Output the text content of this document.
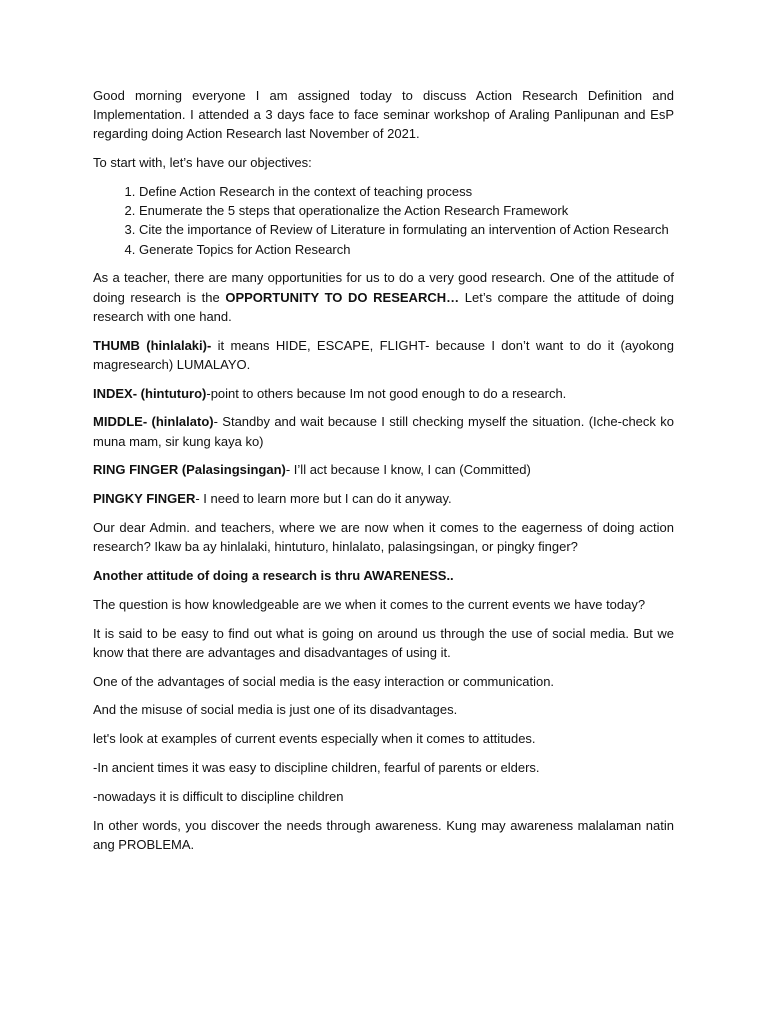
Good morning everyone I am assigned today to discuss Action Research Definition and Implementation. I attended a 3 days face to face seminar workshop of Araling Panlipunan and EsP regarding doing Action Research last November of 2021.

To start with, let’s have our objectives:

1. Define Action Research in the context of teaching process
2. Enumerate the 5 steps that operationalize the Action Research Framework
3. Cite the importance of Review of Literature in formulating an intervention of Action Research
4. Generate Topics for Action Research

As a teacher, there are many opportunities for us to do a very good research. One of the attitude of doing research is the OPPORTUNITY TO DO RESEARCH… Let’s compare the attitude of doing research with one hand.

THUMB (hinlalaki)- it means HIDE, ESCAPE, FLIGHT- because I don’t want to do it (ayokong magresearch) LUMALAYO.

INDEX- (hintuturo)-point to others because Im not good enough to do a research.

MIDDLE- (hinlalato)- Standby and wait because I still checking myself the situation. (Iche-check ko muna mam, sir kung kaya ko)

RING FINGER (Palasingsingan)- I’ll act because I know, I can (Committed)

PINGKY FINGER- I need to learn more but I can do it anyway.

Our dear Admin. and teachers, where we are now when it comes to the eagerness of doing action research? Ikaw ba ay hinlalaki, hintuturo, hinlalato, palasingsingan, or pingky finger?

Another attitude of doing a research is thru AWARENESS..

The question is how knowledgeable are we when it comes to the current events we have today?

It is said to be easy to find out what is going on around us through the use of social media. But we know that there are advantages and disadvantages of using it.

One of the advantages of social media is the easy interaction or communication.

And the misuse of social media is just one of its disadvantages.

let's look at examples of current events especially when it comes to attitudes.

-In ancient times it was easy to discipline children, fearful of parents or elders.

-nowadays it is difficult to discipline children

In other words, you discover the needs through awareness. Kung may awareness malalaman natin ang PROBLEMA.
